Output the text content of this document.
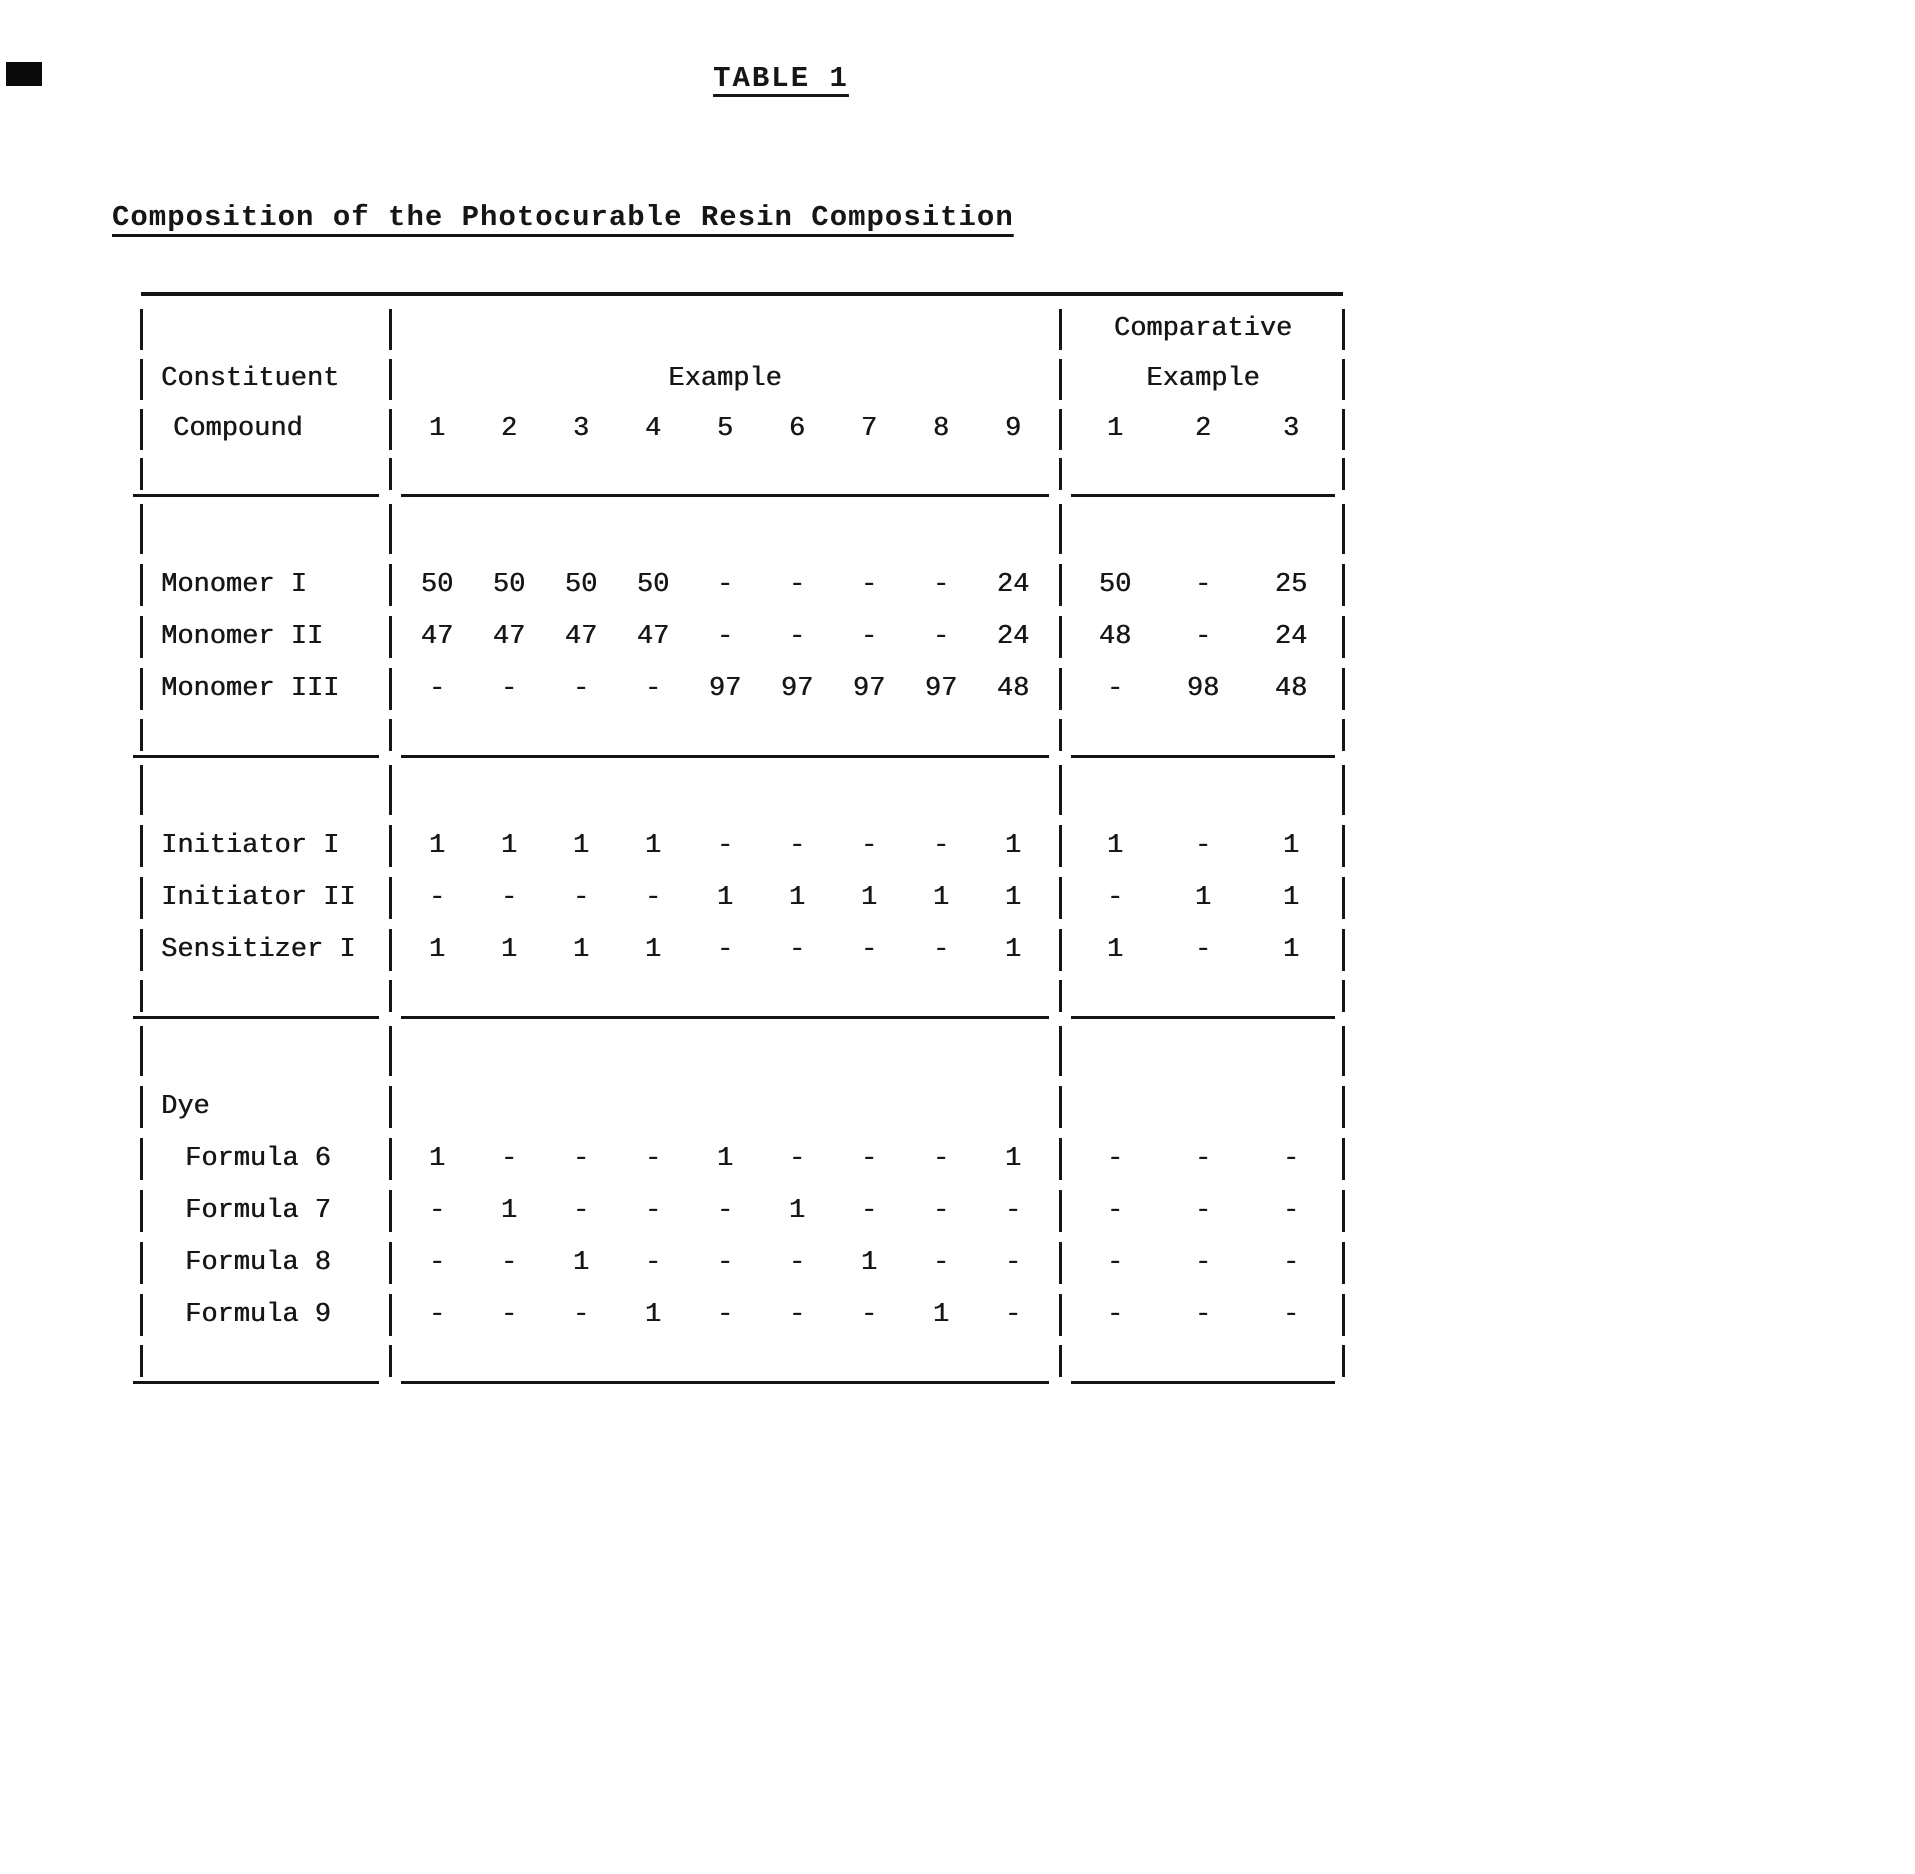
TABLE 1
Composition of the Photocurable Resin Composition
Comparative
Constituent	Example	Example
Compound	1	2	3	4	5	6	7	8	9	1	2	3
Monomer I	50	50	50	50	-	-	-	-	24	50	-	25
Monomer II	47	47	47	47	-	-	-	-	24	48	-	24
Monomer III	-	-	-	-	97	97	97	97	48	-	98	48
Initiator I	1	1	1	1	-	-	-	-	1	1	-	1
Initiator II	-	-	-	-	1	1	1	1	1	-	1	1
Sensitizer I	1	1	1	1	-	-	-	-	1	1	-	1
Dye
Formula 6	1	-	-	-	1	-	-	-	1	-	-	-
Formula 7	-	1	-	-	-	1	-	-	-	-	-	-
Formula 8	-	-	1	-	-	-	1	-	-	-	-	-
Formula 9	-	-	-	1	-	-	-	1	-	-	-	-
